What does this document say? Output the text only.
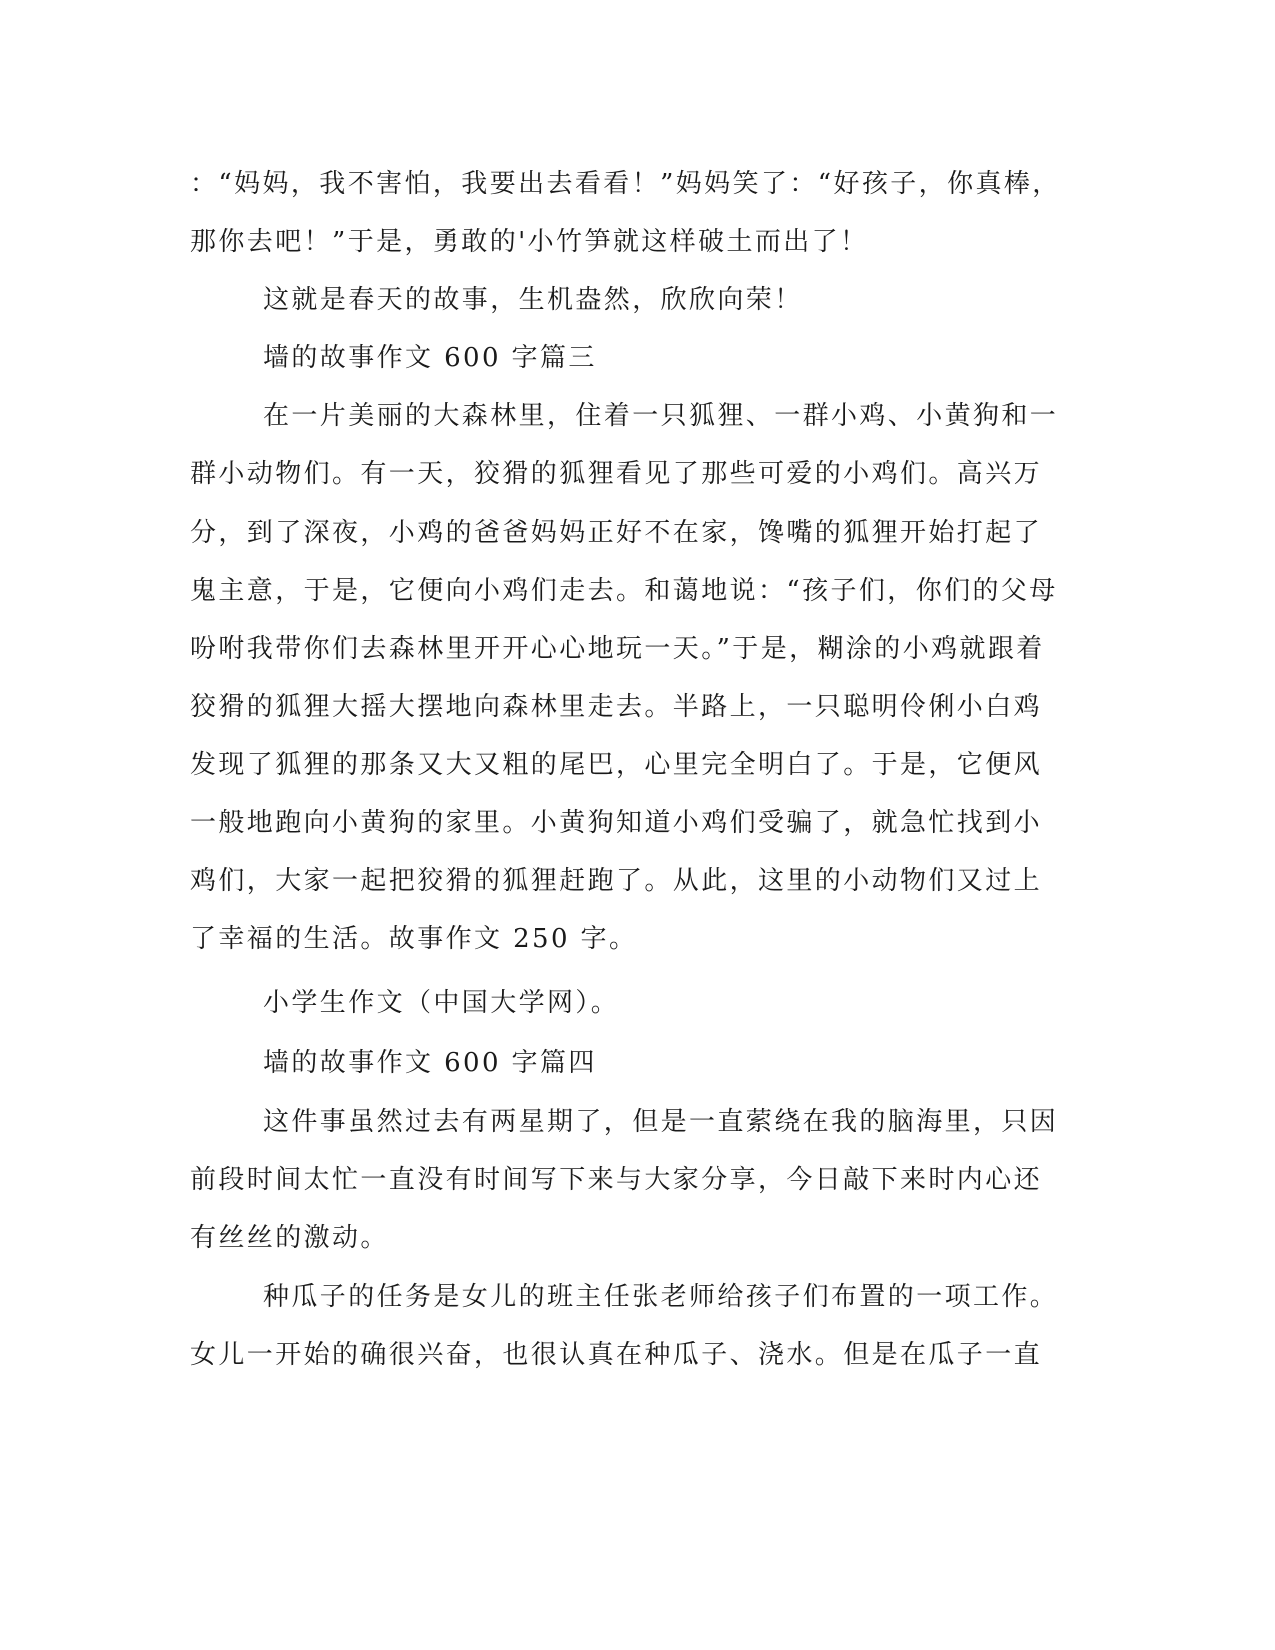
：“妈妈，我不害怕，我要出去看看！”妈妈笑了：“好孩子，你真棒，
那你去吧！”于是，勇敢的'小竹笋就这样破土而出了！
这就是春天的故事，生机盎然，欣欣向荣！
墙的故事作文 600 字篇三
在一片美丽的大森林里，住着一只狐狸、一群小鸡、小黄狗和一
群小动物们。有一天，狡猾的狐狸看见了那些可爱的小鸡们。高兴万
分，到了深夜，小鸡的爸爸妈妈正好不在家，馋嘴的狐狸开始打起了
鬼主意，于是，它便向小鸡们走去。和蔼地说：“孩子们，你们的父母
吩咐我带你们去森林里开开心心地玩一天。”于是，糊涂的小鸡就跟着
狡猾的狐狸大摇大摆地向森林里走去。半路上，一只聪明伶俐小白鸡
发现了狐狸的那条又大又粗的尾巴，心里完全明白了。于是，它便风
一般地跑向小黄狗的家里。小黄狗知道小鸡们受骗了，就急忙找到小
鸡们，大家一起把狡猾的狐狸赶跑了。从此，这里的小动物们又过上
了幸福的生活。故事作文 250 字。
小学生作文（中国大学网）。
墙的故事作文 600 字篇四
这件事虽然过去有两星期了，但是一直萦绕在我的脑海里，只因
前段时间太忙一直没有时间写下来与大家分享，今日敲下来时内心还
有丝丝的激动。
种瓜子的任务是女儿的班主任张老师给孩子们布置的一项工作。
女儿一开始的确很兴奋，也很认真在种瓜子、浇水。但是在瓜子一直
